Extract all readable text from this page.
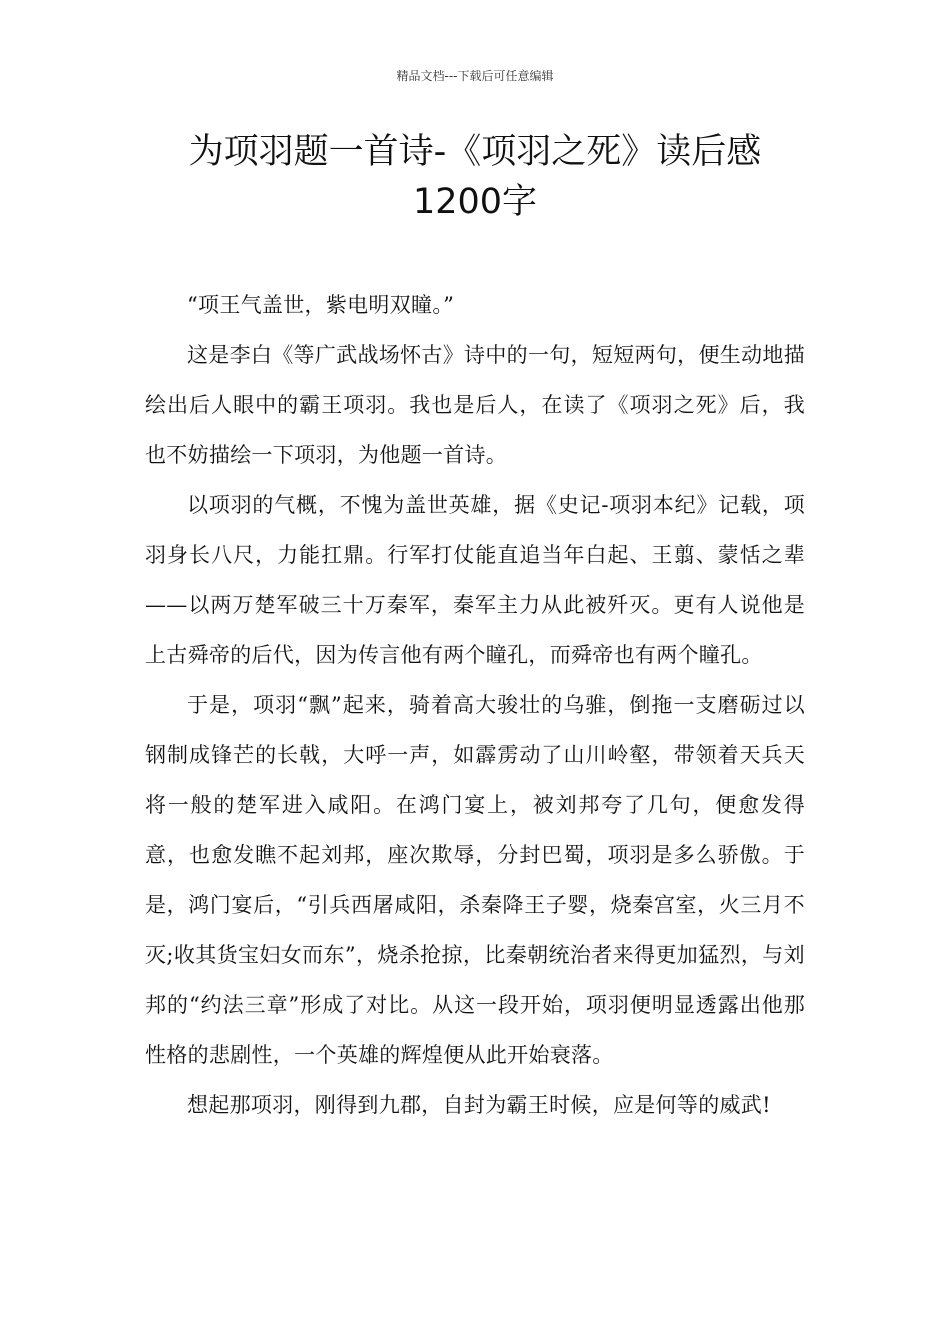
精品文档---下载后可任意编辑
为项羽题一首诗-《项羽之死》读后感
1200字

“项王气盖世，紫电明双瞳。”

这是李白《等广武战场怀古》诗中的一句，短短两句，便生动地描绘出后人眼中的霸王项羽。我也是后人，在读了《项羽之死》后，我也不妨描绘一下项羽，为他题一首诗。

以项羽的气概，不愧为盖世英雄，据《史记-项羽本纪》记载，项羽身长八尺，力能扛鼎。行军打仗能直追当年白起、王翦、蒙恬之辈——以两万楚军破三十万秦军，秦军主力从此被歼灭。更有人说他是上古舜帝的后代，因为传言他有两个瞳孔，而舜帝也有两个瞳孔。

于是，项羽“飘”起来，骑着高大骏壮的乌骓，倒拖一支磨砺过以钢制成锋芒的长戟，大呼一声，如霹雳动了山川岭壑，带领着天兵天将一般的楚军进入咸阳。在鸿门宴上，被刘邦夸了几句，便愈发得意，也愈发瞧不起刘邦，座次欺辱，分封巴蜀，项羽是多么骄傲。于是，鸿门宴后，“引兵西屠咸阳，杀秦降王子婴，烧秦宫室，火三月不灭;收其货宝妇女而东”，烧杀抢掠，比秦朝统治者来得更加猛烈，与刘邦的“约法三章”形成了对比。从这一段开始，项羽便明显透露出他那性格的悲剧性，一个英雄的辉煌便从此开始衰落。

想起那项羽，刚得到九郡，自封为霸王时候，应是何等的威武!
